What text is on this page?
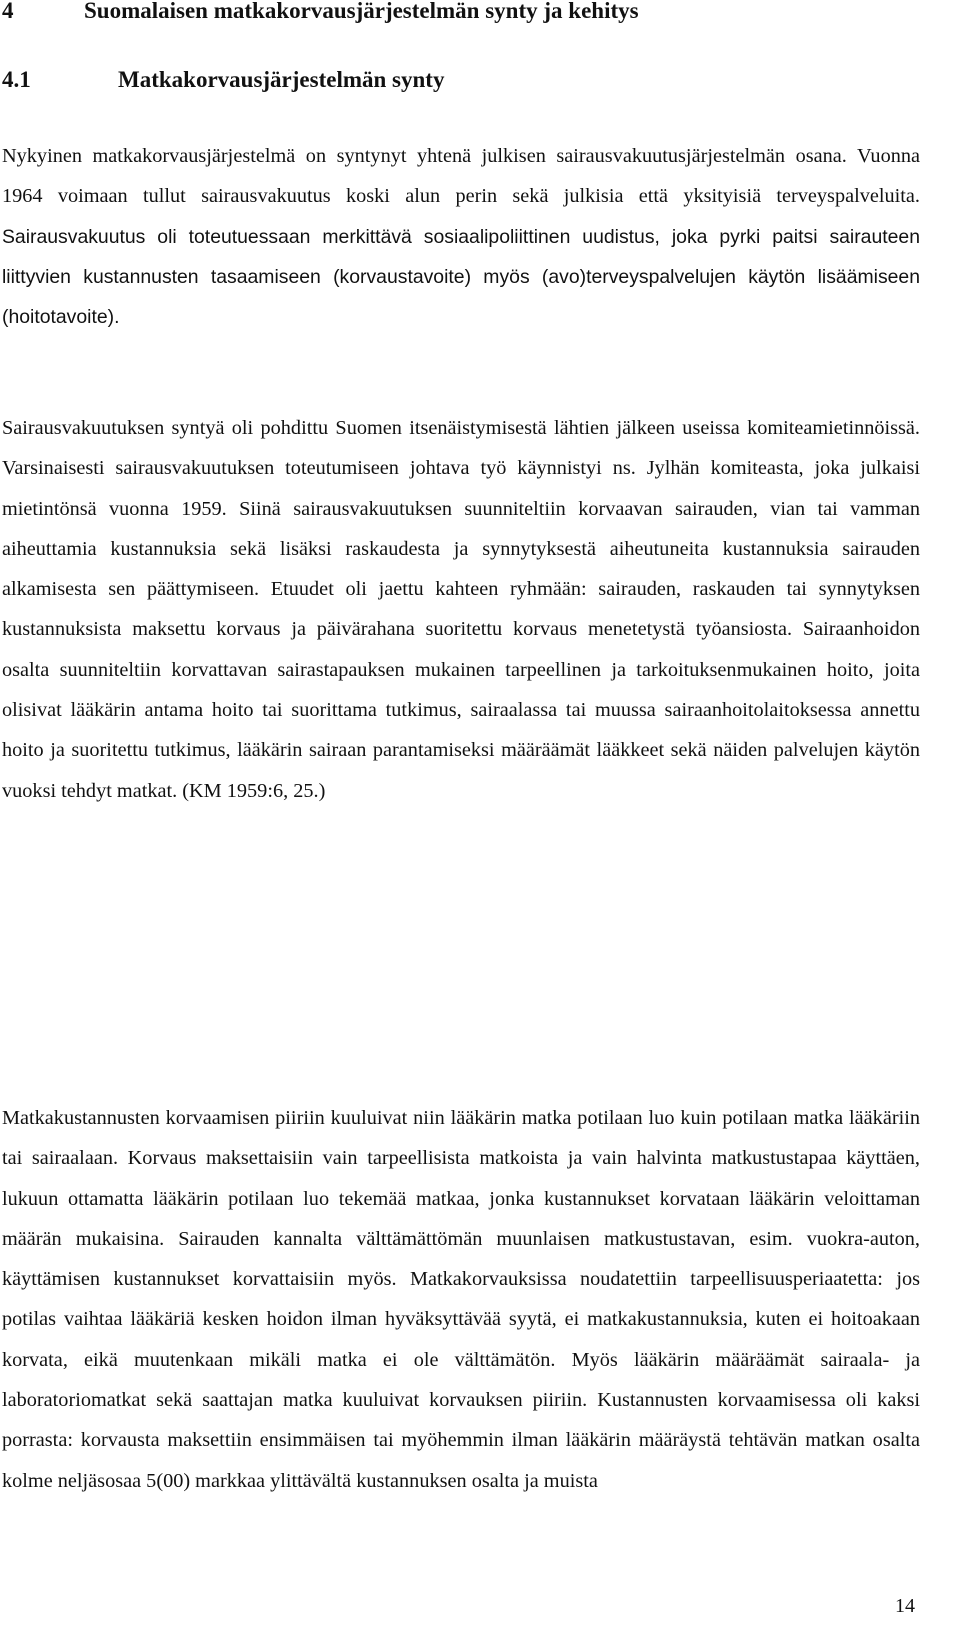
4	Suomalaisen matkakorvausjärjestelmän synty ja kehitys
4.1	Matkakorvausjärjestelmän synty

Nykyinen matkakorvausjärjestelmä on syntynyt yhtenä julkisen sairausvakuutusjärjestelmän osana. Vuonna 1964 voimaan tullut sairausvakuutus koski alun perin sekä julkisia että yksityisiä terveyspalveluita. Sairausvakuutus oli toteutuessaan merkittävä sosiaalipoliittinen uudistus, joka pyrki paitsi sairauteen liittyvien kustannusten tasaamiseen (korvaustavoite) myös (avo)terveyspalvelujen käytön lisäämiseen (hoitotavoite).

Sairausvakuutuksen syntyä oli pohdittu Suomen itsenäistymisestä lähtien jälkeen useissa komiteamietinnöissä. Varsinaisesti sairausvakuutuksen toteutumiseen johtava työ käynnistyi ns. Jylhän komiteasta, joka julkaisi mietintönsä vuonna 1959. Siinä sairausvakuutuksen suunniteltiin korvaavan sairauden, vian tai vamman aiheuttamia kustannuksia sekä lisäksi raskaudesta ja synnytyksestä aiheutuneita kustannuksia sairauden alkamisesta sen päättymiseen. Etuudet oli jaettu kahteen ryhmään: sairauden, raskauden tai synnytyksen kustannuksista maksettu korvaus ja päivärahana suoritettu korvaus menetetystä työansiosta. Sairaanhoidon osalta suunniteltiin korvattavan sairastapauksen mukainen tarpeellinen ja tarkoituksenmukainen hoito, joita olisivat lääkärin antama hoito tai suorittama tutkimus, sairaalassa tai muussa sairaanhoitolaitoksessa annettu hoito ja suoritettu tutkimus, lääkärin sairaan parantamiseksi määräämät lääkkeet sekä näiden palvelujen käytön vuoksi tehdyt matkat. (KM 1959:6, 25.)

Matkakustannusten korvaamisen piiriin kuuluivat niin lääkärin matka potilaan luo kuin potilaan matka lääkäriin tai sairaalaan. Korvaus maksettaisiin vain tarpeellisista matkoista ja vain halvinta matkustustapaa käyttäen, lukuun ottamatta lääkärin potilaan luo tekemää matkaa, jonka kustannukset korvataan lääkärin veloittaman määrän mukaisina. Sairauden kannalta välttämättömän muunlaisen matkustustavan, esim. vuokra-auton, käyttämisen kustannukset korvattaisiin myös. Matkakorvauksissa noudatettiin tarpeellisuusperiaatetta: jos potilas vaihtaa lääkäriä kesken hoidon ilman hyväksyttävää syytä, ei matkakustannuksia, kuten ei hoitoakaan korvata, eikä muutenkaan mikäli matka ei ole välttämätön. Myös lääkärin määräämät sairaala- ja laboratoriomatkat sekä saattajan matka kuuluivat korvauksen piiriin. Kustannusten korvaamisessa oli kaksi porrasta: korvausta maksettiin ensimmäisen tai myöhemmin ilman lääkärin määräystä tehtävän matkan osalta kolme neljäsosaa 5(00) markkaa ylittävältä kustannuksen osalta ja muista

14
